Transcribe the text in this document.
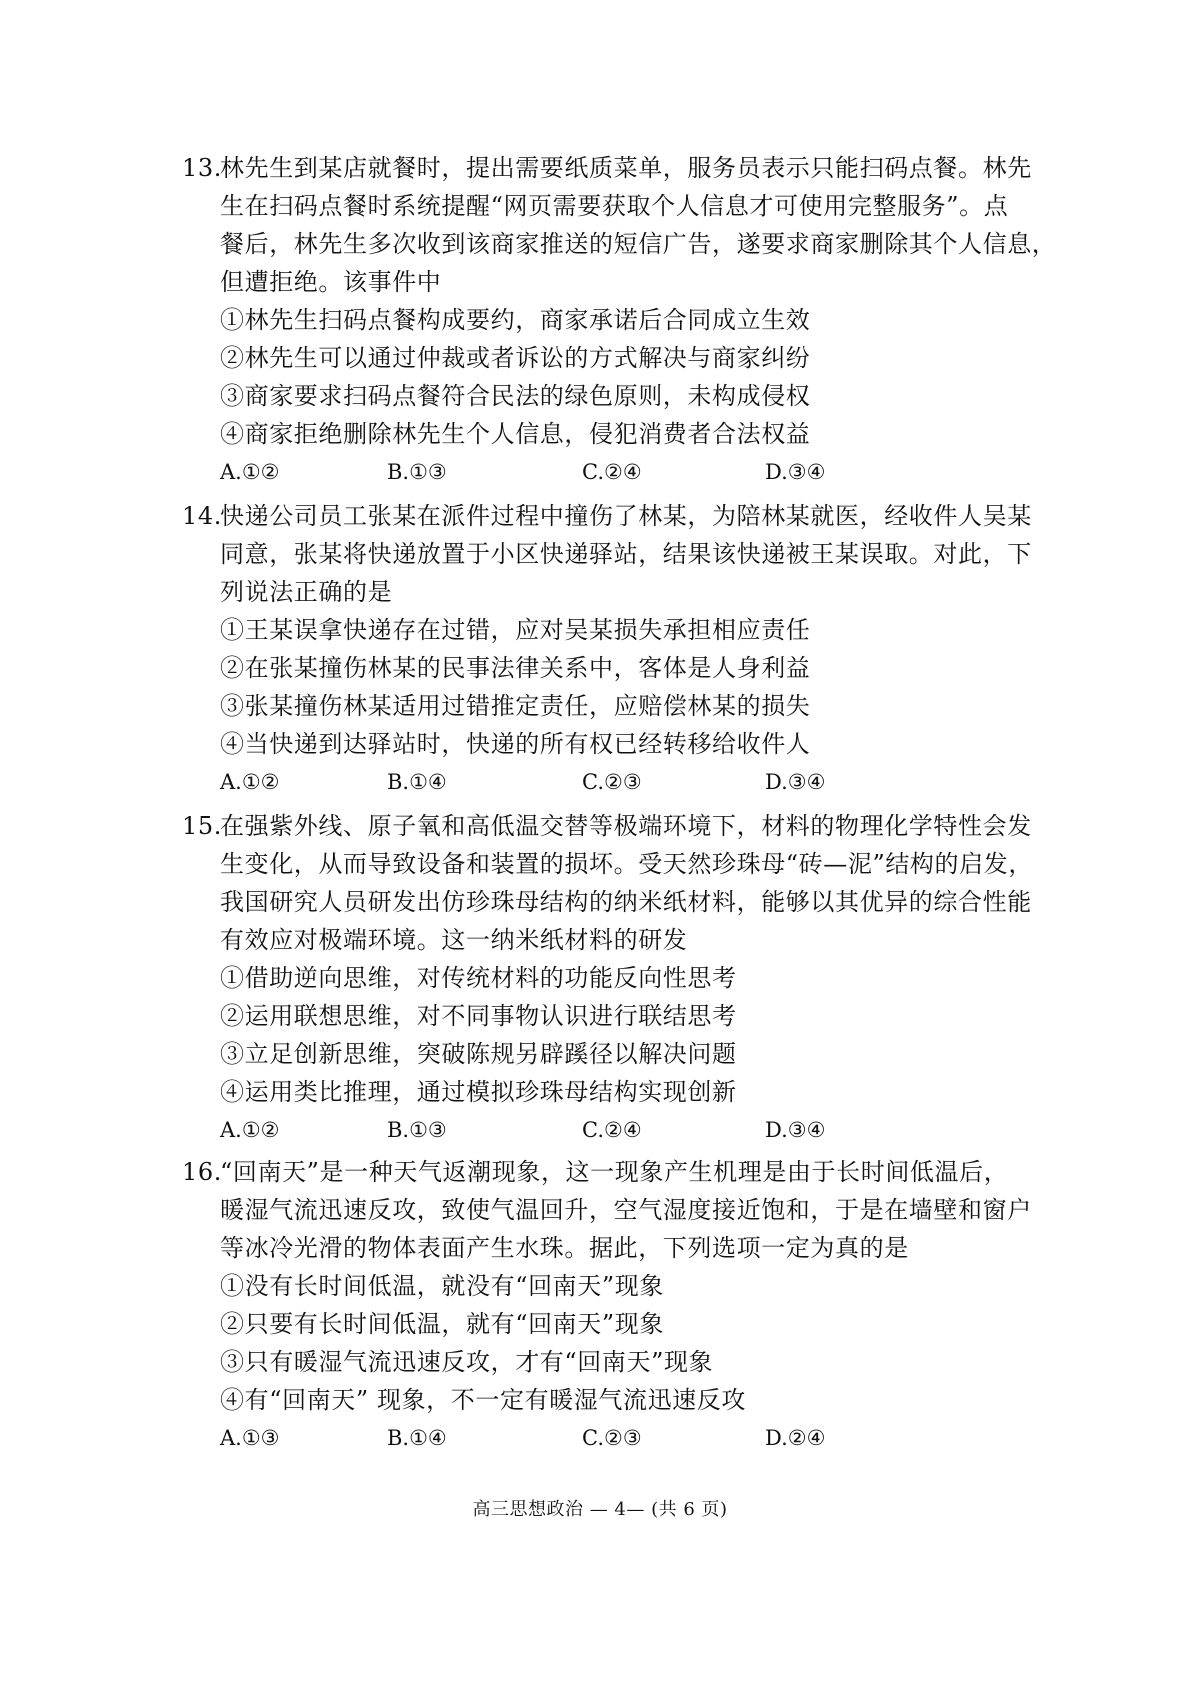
13.
林先生到某店就餐时，提出需要纸质菜单，服务员表示只能扫码点餐。林先
生在扫码点餐时系统提醒“网页需要获取个人信息才可使用完整服务”。点
餐后，林先生多次收到该商家推送的短信广告，遂要求商家删除其个人信息，
但遭拒绝。该事件中
①林先生扫码点餐构成要约，商家承诺后合同成立生效
②林先生可以通过仲裁或者诉讼的方式解决与商家纠纷
③商家要求扫码点餐符合民法的绿色原则，未构成侵权
④商家拒绝删除林先生个人信息，侵犯消费者合法权益
A.①②	B.①③	C.②④	D.③④
14.
快递公司员工张某在派件过程中撞伤了林某，为陪林某就医，经收件人吴某
同意，张某将快递放置于小区快递驿站，结果该快递被王某误取。对此，下
列说法正确的是
①王某误拿快递存在过错，应对吴某损失承担相应责任
②在张某撞伤林某的民事法律关系中，客体是人身利益
③张某撞伤林某适用过错推定责任，应赔偿林某的损失
④当快递到达驿站时，快递的所有权已经转移给收件人
A.①②	B.①④	C.②③	D.③④
15.
在强紫外线、原子氧和高低温交替等极端环境下，材料的物理化学特性会发
生变化，从而导致设备和装置的损坏。受天然珍珠母“砖—泥”结构的启发，
我国研究人员研发出仿珍珠母结构的纳米纸材料，能够以其优异的综合性能
有效应对极端环境。这一纳米纸材料的研发
①借助逆向思维，对传统材料的功能反向性思考
②运用联想思维，对不同事物认识进行联结思考
③立足创新思维，突破陈规另辟蹊径以解决问题
④运用类比推理，通过模拟珍珠母结构实现创新
A.①②	B.①③	C.②④	D.③④
16.
“回南天”是一种天气返潮现象，这一现象产生机理是由于长时间低温后，
暖湿气流迅速反攻，致使气温回升，空气湿度接近饱和，于是在墙壁和窗户
等冰冷光滑的物体表面产生水珠。据此，下列选项一定为真的是
①没有长时间低温，就没有“回南天”现象
②只要有长时间低温，就有“回南天”现象
③只有暖湿气流迅速反攻，才有“回南天”现象
④有“回南天” 现象，不一定有暖湿气流迅速反攻
A.①③	B.①④	C.②③	D.②④
高三思想政治 — 4— (共 6 页)
